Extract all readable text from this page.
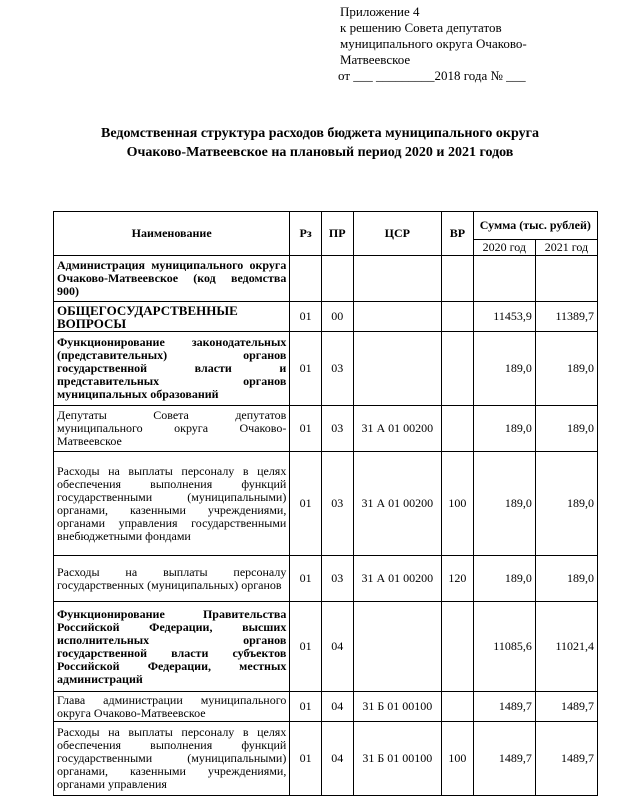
Приложение 4
к решению Совета депутатов
муниципального округа Очаково-
Матвеевское
от ___ _________2018 года № ___
Ведомственная структура расходов бюджета муниципального округа
Очаково-Матвеевское на плановый период 2020 и 2021 годов
Наименование	Рз	ПР	ЦСР	ВР	Сумма (тыс. рублей)	
					2020 год	2021 год
Администрация муниципального округа Очаково-Матвеевское (код ведомства 900)						
ОБЩЕГОСУДАРСТВЕННЫЕ ВОПРОСЫ	01	00			11453,9	11389,7
Функционирование законодательных (представительных) органов государственной власти и представительных органов муниципальных образований	01	03			189,0	189,0
Депутаты Совета депутатов муниципального округа Очаково-Матвеевское	01	03	31 А 01 00200		189,0	189,0
Расходы на выплаты персоналу в целях обеспечения выполнения функций государственными (муниципальными) органами, казенными учреждениями, органами управления государственными внебюджетными фондами	01	03	31 А 01 00200	100	189,0	189,0
Расходы на выплаты персоналу государственных (муниципальных) органов	01	03	31 А 01 00200	120	189,0	189,0
Функционирование Правительства Российской Федерации, высших исполнительных органов государственной власти субъектов Российской Федерации, местных администраций	01	04			11085,6	11021,4
Глава администрации муниципального округа Очаково-Матвеевское	01	04	31 Б 01 00100		1489,7	1489,7
Расходы на выплаты персоналу в целях обеспечения выполнения функций государственными (муниципальными) органами, казенными учреждениями, органами управления	01	04	31 Б 01 00100	100	1489,7	1489,7
